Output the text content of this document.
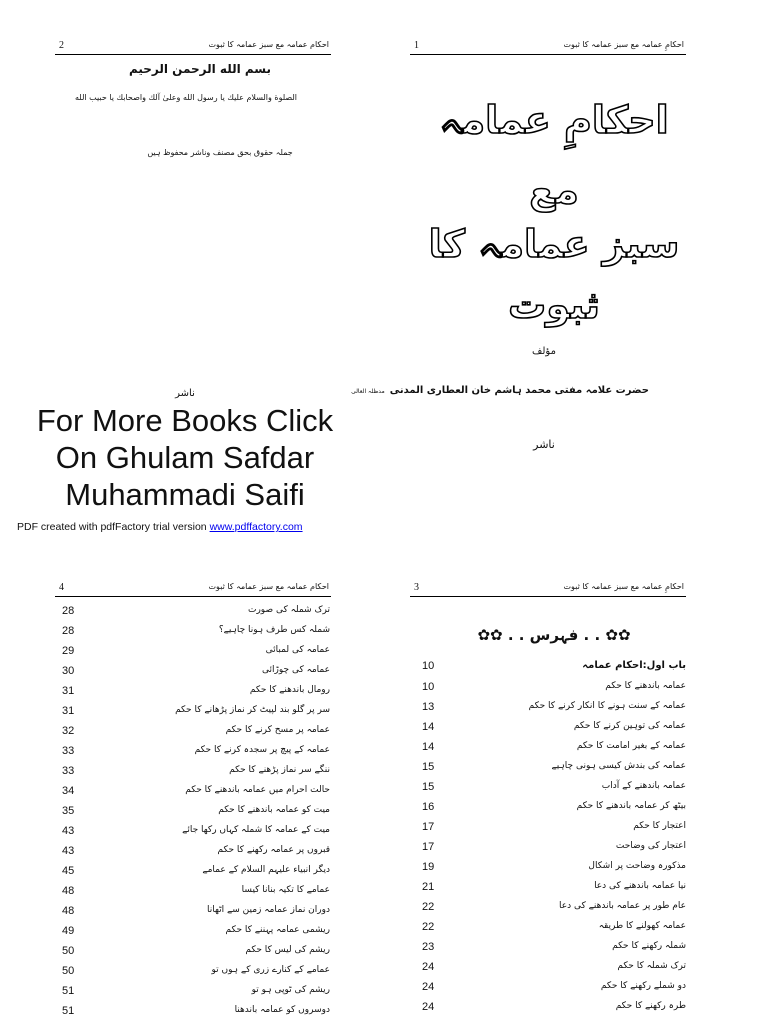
2	احکام عمامہ مع سبز عمامہ کا ثبوت
بسم الله الرحمن الرحيم
الصلوة والسلام عليك يا رسول الله وعلىٰ آلك واصحابك يا حبيب الله
جملہ حقوق بحق مصنف وناشر محفوظ ہیں
ناشر
For More Books Click
On Ghulam Safdar
Muhammadi Saifi
PDF created with pdfFactory trial version www.pdffactory.com
1	احکامِ عمامہ مع سبز عمامہ کا ثبوت
احکامِ عمامہ
مع
سبز عمامہ کا
ثبوت
مؤلف
حضرت علامہ مفتی محمد ہاشم خان العطاری المدنی مدظلہ العالی
ناشر
4	احکام عمامہ مع سبز عمامہ کا ثبوت
28	ترک شملہ کی صورت
28	شملہ کس طرف ہونا چاہیے؟
29	عمامہ کی لمبائی
30	عمامہ کی چوڑائی
31	رومال باندھنے کا حکم
31	سر پر گلو بند لپیٹ کر نماز پڑھانے کا حکم
32	عمامہ پر مسح کرنے کا حکم
33	عمامہ کے پیچ پر سجدہ کرنے کا حکم
33	ننگے سر نماز پڑھنے کا حکم
34	حالت احرام میں عمامہ باندھنے کا حکم
35	میت کو عمامہ باندھنے کا حکم
43	میت کے عمامہ کا شملہ کہاں رکھا جائے
43	قبروں پر عمامہ رکھنے کا حکم
45	دیگر انبیاء علیہم السلام کے عمامے
48	عمامے کا تکیہ بنانا کیسا
48	دوران نماز عمامہ زمین سے اٹھانا
49	ریشمی عمامہ پہننے کا حکم
50	ریشم کی لیس کا حکم
50	عمامے کے کنارے زری کے ہوں تو
51	ریشم کی ٹوپی ہو تو
51	دوسروں کو عمامہ باندھنا
3	احکامِ عمامہ مع سبز عمامہ کا ثبوت
✿✿ . . فہرس . . ✿✿
10	باب اول:احکام عمامہ
10	عمامہ باندھنے کا حکم
13	عمامہ کے سنت ہونے کا انکار کرنے کا حکم
14	عمامہ کی توہین کرنے کا حکم
14	عمامہ کے بغیر امامت کا حکم
15	عمامہ کی بندش کیسی ہونی چاہیے
15	عمامہ باندھنے کے آداب
16	بیٹھ کر عمامہ باندھنے کا حکم
17	اعتجار کا حکم
17	اعتجار کی وضاحت
19	مذکورہ وضاحت پر اشکال
21	نیا عمامہ باندھنے کی دعا
22	عام طور پر عمامہ باندھنے کی دعا
22	عمامہ کھولنے کا طریقہ
23	شملہ رکھنے کا حکم
24	ترک شملہ کا حکم
24	دو شملے رکھنے کا حکم
24	طرہ رکھنے کا حکم
